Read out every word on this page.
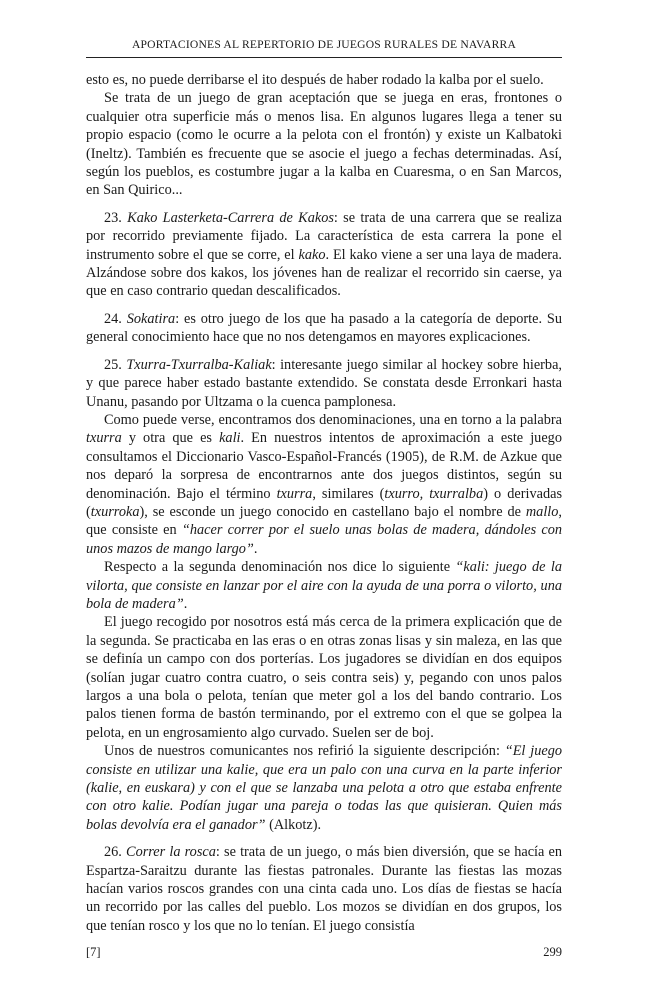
APORTACIONES AL REPERTORIO DE JUEGOS RURALES DE NAVARRA

esto es, no puede derribarse el ito después de haber rodado la kalba por el suelo.

Se trata de un juego de gran aceptación que se juega en eras, frontones o cualquier otra superficie más o menos lisa. En algunos lugares llega a tener su propio espacio (como le ocurre a la pelota con el frontón) y existe un Kalbatoki (Ineltz). También es frecuente que se asocie el juego a fechas determinadas. Así, según los pueblos, es costumbre jugar a la kalba en Cuaresma, o en San Marcos, en San Quirico...

23. Kako Lasterketa-Carrera de Kakos: se trata de una carrera que se realiza por recorrido previamente fijado. La característica de esta carrera la pone el instrumento sobre el que se corre, el kako. El kako viene a ser una laya de madera. Alzándose sobre dos kakos, los jóvenes han de realizar el recorrido sin caerse, ya que en caso contrario quedan descalificados.

24. Sokatira: es otro juego de los que ha pasado a la categoría de deporte. Su general conocimiento hace que no nos detengamos en mayores explicaciones.

25. Txurra-Txurralba-Kaliak: interesante juego similar al hockey sobre hierba, y que parece haber estado bastante extendido. Se constata desde Erronkari hasta Unanu, pasando por Ultzama o la cuenca pamplonesa.

Como puede verse, encontramos dos denominaciones, una en torno a la palabra txurra y otra que es kali. En nuestros intentos de aproximación a este juego consultamos el Diccionario Vasco-Español-Francés (1905), de R.M. de Azkue que nos deparó la sorpresa de encontrarnos ante dos juegos distintos, según su denominación. Bajo el término txurra, similares (txurro, txurralba) o derivadas (txurroka), se esconde un juego conocido en castellano bajo el nombre de mallo, que consiste en “hacer correr por el suelo unas bolas de madera, dándoles con unos mazos de mango largo”.

Respecto a la segunda denominación nos dice lo siguiente “kali: juego de la vilorta, que consiste en lanzar por el aire con la ayuda de una porra o vilorto, una bola de madera”.

El juego recogido por nosotros está más cerca de la primera explicación que de la segunda. Se practicaba en las eras o en otras zonas lisas y sin maleza, en las que se definía un campo con dos porterías. Los jugadores se dividían en dos equipos (solían jugar cuatro contra cuatro, o seis contra seis) y, pegando con unos palos largos a una bola o pelota, tenían que meter gol a los del bando contrario. Los palos tienen forma de bastón terminando, por el extremo con el que se golpea la pelota, en un engrosamiento algo curvado. Suelen ser de boj.

Unos de nuestros comunicantes nos refirió la siguiente descripción: “El juego consiste en utilizar una kalie, que era un palo con una curva en la parte inferior (kalie, en euskara) y con el que se lanzaba una pelota a otro que estaba enfrente con otro kalie. Podían jugar una pareja o todas las que quisieran. Quien más bolas devolvía era el ganador” (Alkotz).

26. Correr la rosca: se trata de un juego, o más bien diversión, que se hacía en Espartza-Saraitzu durante las fiestas patronales. Durante las fiestas las mozas hacían varios roscos grandes con una cinta cada uno. Los días de fiestas se hacía un recorrido por las calles del pueblo. Los mozos se dividían en dos grupos, los que tenían rosco y los que no lo tenían. El juego consistía

[7]	299
